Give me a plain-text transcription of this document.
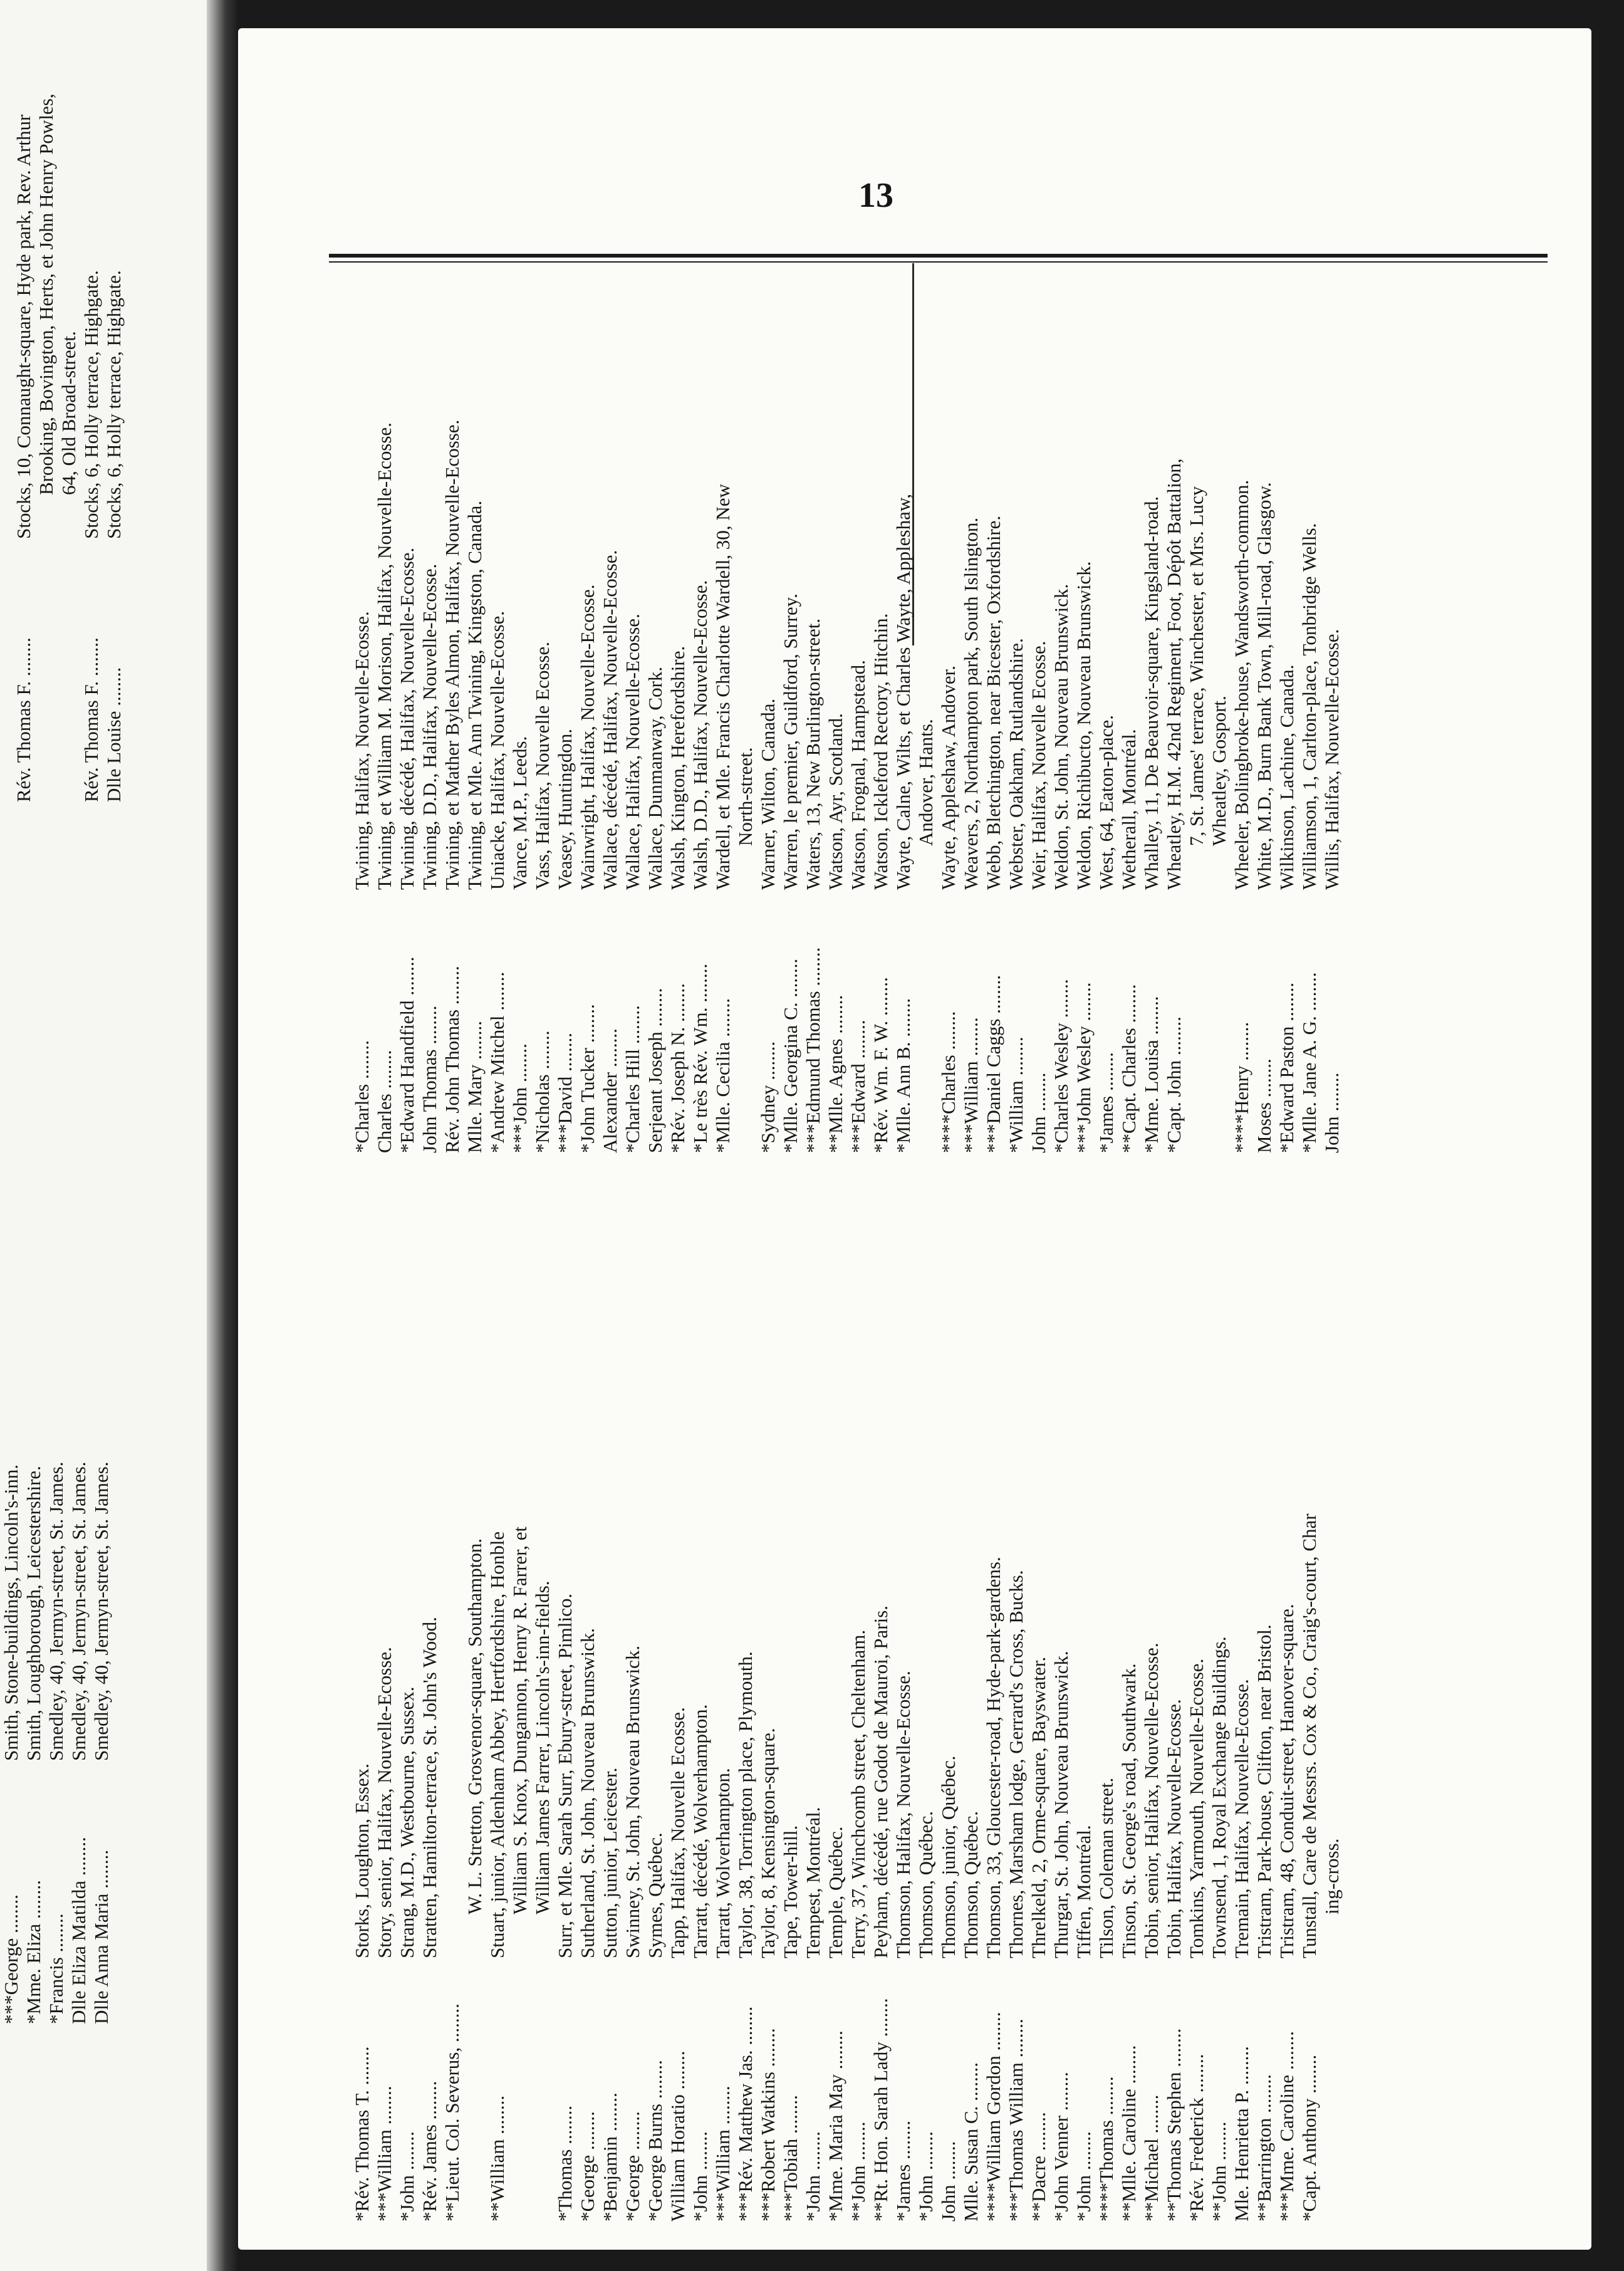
Rév. Thomas F. ........
Stocks, 10, Connaught-square, Hyde park, Rev. Arthur Brooking, Bovington, Herts, et John Henry Powles, 64, Old Broad-street.
Rév. Thomas F. ........
Stocks, 6, Holly terrace, Highgate.
Dlle Louise ........
Stocks, 6, Holly terrace, Highgate.
***George ........
Smith, Stone-buildings, Lincoln's-inn.
*Mme. Eliza ........
Smith, Loughborough, Leicestershire.
*Francis ........
Smedley, 40, Jermyn-street, St. James.
Dlle Eliza Matilda ........
Smedley, 40, Jermyn-street, St. James.
Dlle Anna Maria ........
Smedley, 40, Jermyn-street, St. James.
13
*Rév. Thomas T. ........
Storks, Loughton, Essex.
***William ........
Story, senior, Halifax, Nouvelle-Ecosse.
*John ........
Strang, M.D., Westbourne, Sussex.
*Rév. James ........
Stratten, Hamilton-terrace, St. John's Wood.
**Lieut. Col. Severus, ........
W. L. Stretton, Grosvenor-square, Southampton.
**William ........
Stuart, junior, Aldenham Abbey, Hertfordshire, Honble William S. Knox, Dungannon, Henry R. Farrer, et William James Farrer, Lincoln's-inn-fields.
*Thomas ........
Surr, et Mle. Sarah Surr, Ebury-street, Pimlico.
*George ........
Sutherland, St. John, Nouveau Brunswick.
*Benjamin ........
Sutton, junior, Leicester.
*George ........
Swinney, St. John, Nouveau Brunswick.
*George Burns ........
Symes, Québec.
William Horatio ........
Tapp, Halifax, Nouvelle Ecosse.
*John ........
Tarratt, décédé, Wolverhampton.
***William ........
Tarratt, Wolverhampton.
***Rév. Matthew Jas. ........
Taylor, 38, Torrington place, Plymouth.
***Robert Watkins ........
Taylor, 8, Kensington-square.
***Tobiah ........
Tape, Tower-hill.
*John ........
Tempest, Montréal.
*Mme. Maria May ........
Temple, Québec.
**John ........
Terry, 37, Winchcomb street, Cheltenham.
**Rt. Hon. Sarah Lady ........
Peyham, décédé, rue Godot de Mauroi, Paris.
*James ........
Thomson, Halifax, Nouvelle-Ecosse.
*John ........
Thomson, Québec.
John ........
Thomson, junior, Québec.
Mlle. Susan C. ........
Thomson, Québec.
****William Gordon ........
Thomson, 33, Gloucester-road, Hyde-park-gardens.
***Thomas William ........
Thornes, Marsham lodge, Gerrard's Cross, Bucks.
**Dacre ........
Threlkeld, 2, Orme-square, Bayswater.
*John Venner ........
Thurgar, St. John, Nouveau Brunswick.
*John ........
Tiffen, Montréal.
****Thomas ........
Tilson, Coleman street.
**Mlle. Caroline ........
Tinson, St. George's road, Southwark.
**Michael ........
Tobin, senior, Halifax, Nouvelle-Ecosse.
**Thomas Stephen ........
Tobin, Halifax, Nouvelle-Ecosse.
*Rév. Frederick ........
Tomkins, Yarmouth, Nouvelle-Ecosse.
**John ........
Townsend, 1, Royal Exchange Buildings.
Mle. Henrietta P. ........
Tremain, Halifax, Nouvelle-Ecosse.
**Barrington ........
Tristram, Park-house, Clifton, near Bristol.
***Mme. Caroline ........
Tristram, 48, Conduit-street, Hanover-square.
*Capt. Anthony ........
Tunstall, Care de Messrs. Cox & Co., Craig's-court, Char ing-cross.
*Charles ........
Twining, Halifax, Nouvelle-Ecosse.
Charles ........
Twining, et William M. Morison, Halifax, Nouvelle-Ecosse.
*Edward Handfield ........
Twining, décédé, Halifax, Nouvelle-Ecosse.
John Thomas ........
Twining, D.D., Halifax, Nouvelle-Ecosse.
Rév. John Thomas ........
Twining, et Mather Byles Almon, Halifax, Nouvelle-Ecosse.
Mlle. Mary ........
Twining, et Mle. Ann Twining, Kingston, Canada.
*Andrew Mitchel ........
Uniacke, Halifax, Nouvelle-Ecosse.
***John ........
Vance, M.P., Leeds.
*Nicholas ........
Vass, Halifax, Nouvelle Ecosse.
***David ........
Veasey, Huntingdon.
*John Tucker ........
Wainwright, Halifax, Nouvelle-Ecosse.
Alexander ........
Wallace, décédé, Halifax, Nouvelle-Ecosse.
*Charles Hill ........
Wallace, Halifax, Nouvelle-Ecosse.
Serjeant Joseph ........
Wallace, Dunmanway, Cork.
*Rév. Joseph N. ........
Walsh, Kington, Herefordshire.
*Le très Rév. Wm. ........
Walsh, D.D., Halifax, Nouvelle-Ecosse.
*Mlle. Cecilia ........
Wardell, et Mle. Francis Charlotte Wardell, 30, New North-street.
*Sydney ........
Warner, Wilton, Canada.
*Mlle. Georgina C. ........
Warren, le premier, Guildford, Surrey.
***Edmund Thomas ........
Waters, 13, New Burlington-street.
**Mlle. Agnes ........
Watson, Ayr, Scotland.
***Edward ........
Watson, Frognal, Hampstead.
*Rév. Wm. F. W. ........
Watson, Ickleford Rectory, Hitchin.
*Mlle. Ann B. ........
Wayte, Calne, Wilts, et Charles Wayte, Appleshaw, Andover, Hants.
****Charles ........
Wayte, Appleshaw, Andover.
***William ........
Weavers, 2, Northampton park, South Islington.
***Daniel Caggs ........
Webb, Bletchington, near Bicester, Oxfordshire.
*William ........
Webster, Oakham, Rutlandshire.
John ........
Weir, Halifax, Nouvelle Ecosse.
*Charles Wesley ........
Weldon, St. John, Nouveau Brunswick.
***John Wesley ........
Weldon, Richibucto, Nouveau Brunswick.
*James ........
West, 64, Eaton-place.
**Capt. Charles ........
Wetherall, Montréal.
*Mme. Louisa ........
Whalley, 11, De Beauvoir-square, Kingsland-road.
*Capt. John ........
Wheatley, H.M. 42nd Regiment, Foot, Dépôt Battalion, 7, St. James' terrace, Winchester, et Mrs. Lucy Wheatley, Gosport.
****Henry ........
Wheeler, Bolingbroke-house, Wandsworth-common.
Moses ........
White, M.D., Burn Bank Town, Mill-road, Glasgow.
*Edward Paston ........
Wilkinson, Lachine, Canada.
*Mlle. Jane A. G. ........
Williamson, 1, Carlton-place, Tonbridge Wells.
John ........
Willis, Halifax, Nouvelle-Ecosse.
